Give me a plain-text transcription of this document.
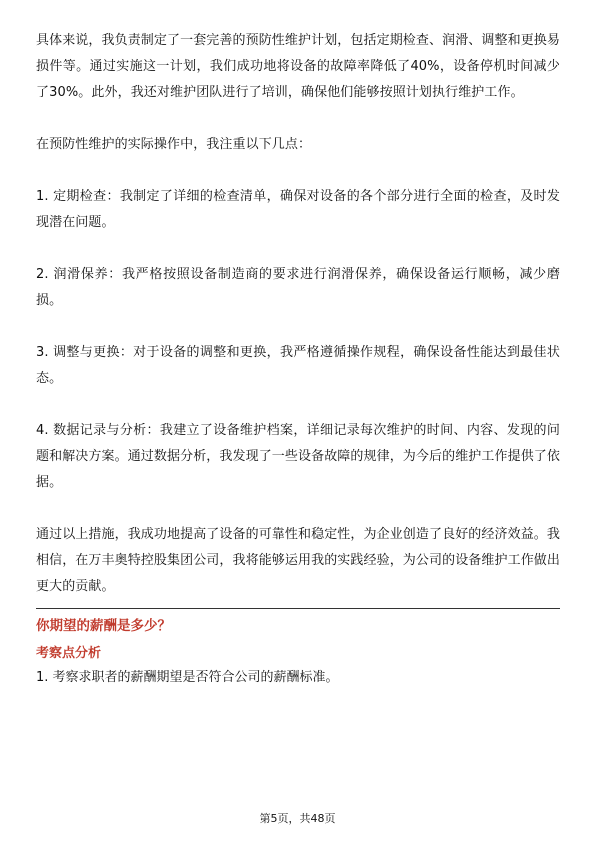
具体来说，我负责制定了一套完善的预防性维护计划，包括定期检查、润滑、调整和更换易损件等。通过实施这一计划，我们成功地将设备的故障率降低了40%，设备停机时间减少了30%。此外，我还对维护团队进行了培训，确保他们能够按照计划执行维护工作。

在预防性维护的实际操作中，我注重以下几点：

1. 定期检查：我制定了详细的检查清单，确保对设备的各个部分进行全面的检查，及时发现潜在问题。

2. 润滑保养：我严格按照设备制造商的要求进行润滑保养，确保设备运行顺畅，减少磨损。

3. 调整与更换：对于设备的调整和更换，我严格遵循操作规程，确保设备性能达到最佳状态。

4. 数据记录与分析：我建立了设备维护档案，详细记录每次维护的时间、内容、发现的问题和解决方案。通过数据分析，我发现了一些设备故障的规律，为今后的维护工作提供了依据。

通过以上措施，我成功地提高了设备的可靠性和稳定性，为企业创造了良好的经济效益。我相信，在万丰奥特控股集团公司，我将能够运用我的实践经验，为公司的设备维护工作做出更大的贡献。

你期望的薪酬是多少？
考察点分析

1. 考察求职者的薪酬期望是否符合公司的薪酬标准。

第5页，共48页
